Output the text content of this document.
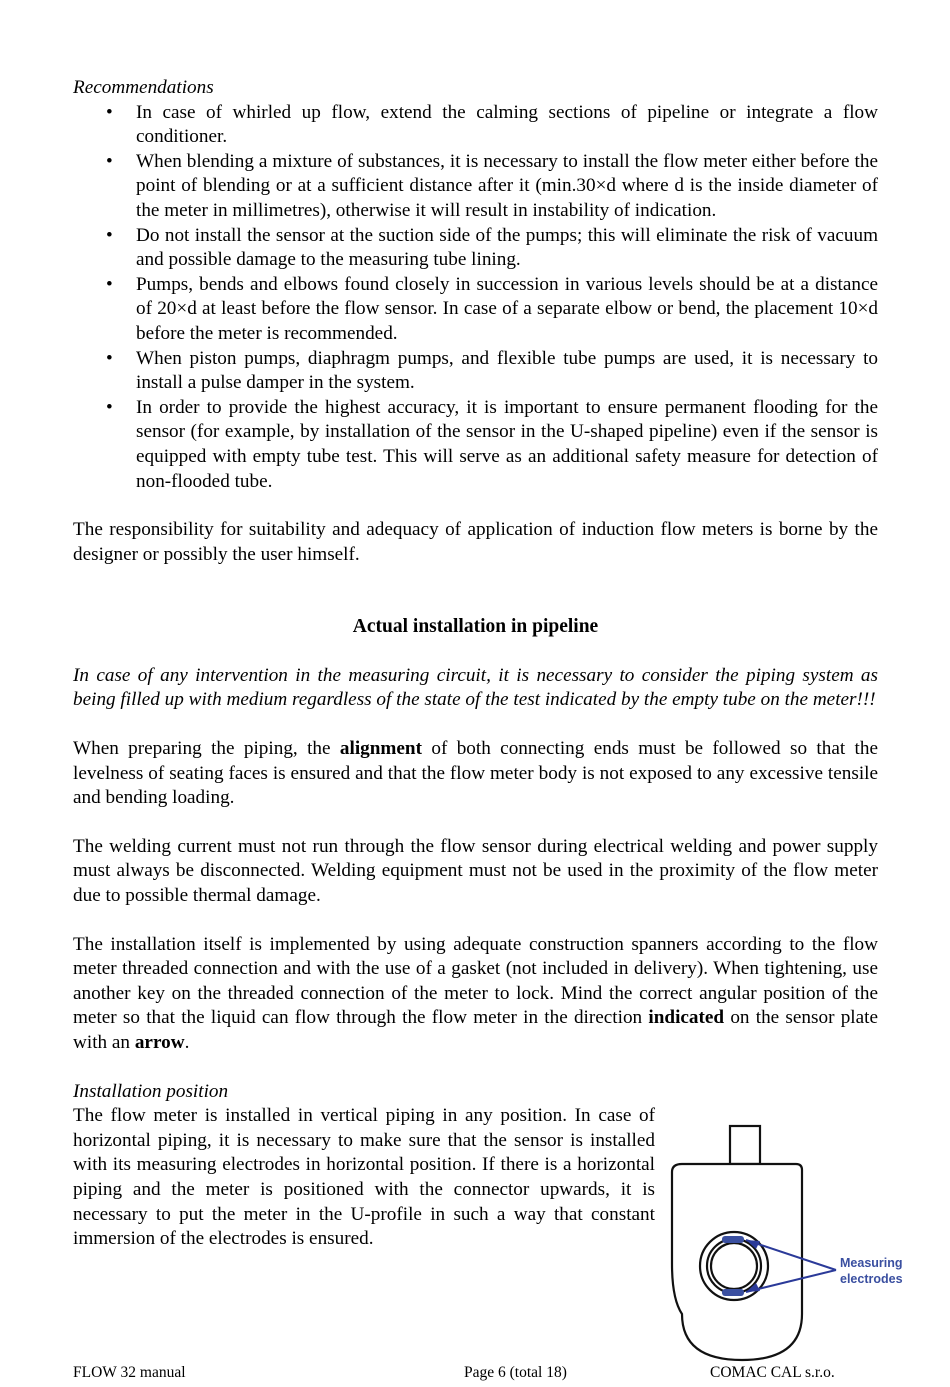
Recommendations

• In case of whirled up flow, extend the calming sections of pipeline or integrate a flow conditioner.
• When blending a mixture of substances, it is necessary to install the flow meter either before the point of blending or at a sufficient distance after it (min.30×d where d is the inside diameter of the meter in millimetres), otherwise it will result in instability of indication.
• Do not install the sensor at the suction side of the pumps; this will eliminate the risk of vacuum and possible damage to the measuring tube lining.
• Pumps, bends and elbows found closely in succession in various levels should be at a distance of 20×d at least before the flow sensor. In case of a separate elbow or bend, the placement 10×d before the meter is recommended.
• When piston pumps, diaphragm pumps, and flexible tube pumps are used, it is necessary to install a pulse damper in the system.
• In order to provide the highest accuracy, it is important to ensure permanent flooding for the sensor (for example, by installation of the sensor in the U-shaped pipeline) even if the sensor is equipped with empty tube test. This will serve as an additional safety measure for detection of non-flooded tube.

The responsibility for suitability and adequacy of application of induction flow meters is borne by the designer or possibly the user himself.

Actual installation in pipeline

In case of any intervention in the measuring circuit, it is necessary to consider the piping system as being filled up with medium regardless of the state of the test indicated by the empty tube on the meter!!!

When preparing the piping, the alignment of both connecting ends must be followed so that the levelness of seating faces is ensured and that the flow meter body is not exposed to any excessive tensile and bending loading.

The welding current must not run through the flow sensor during electrical welding and power supply must always be disconnected. Welding equipment must not be used in the proximity of the flow meter due to possible thermal damage.

The installation itself is implemented by using adequate construction spanners according to the flow meter threaded connection and with the use of a gasket (not included in delivery). When tightening, use another key on the threaded connection of the meter to lock. Mind the correct angular position of the meter so that the liquid can flow through the flow meter in the direction indicated on the sensor plate with an arrow.

Installation position

The flow meter is installed in vertical piping in any position. In case of horizontal piping, it is necessary to make sure that the sensor is installed with its measuring electrodes in horizontal position. If there is a horizontal piping and the meter is positioned with the connector upwards, it is necessary to put the meter in the U-profile in such a way that constant immersion of the electrodes is ensured.

Measuring
electrodes
FLOW 32 manual	Page 6 (total 18)	COMAC CAL s.r.o.
